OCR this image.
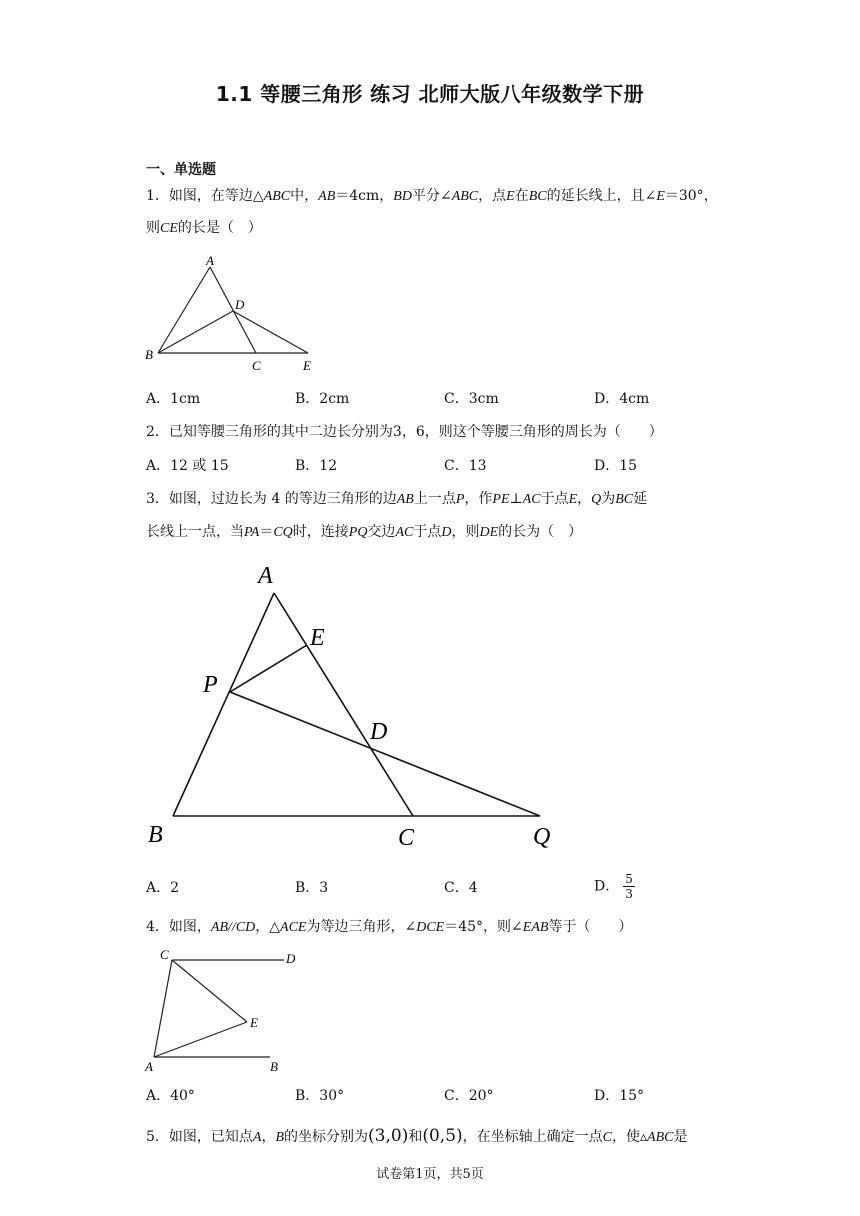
1.1 等腰三角形 练习 北师大版八年级数学下册
一、单选题
1．如图，在等边△ABC中，AB＝4cm，BD平分∠ABC，点E在BC的延长线上，且∠E＝30°，
则CE的长是（　）
A
B
C
D
E
A．1cm	B．2cm	C．3cm	D．4cm
2．已知等腰三角形的其中二边长分别为3，6，则这个等腰三角形的周长为（　　）
A．12 或 15	B．12	C．13	D．15
3．如图，过边长为 4 的等边三角形的边AB上一点P，作PE⊥AC于点E，Q为BC延
长线上一点，当PA＝CQ时，连接PQ交边AC于点D，则DE的长为（　）
A
B	C
D
E
P
Q
A．2	B．3	C．4	D． $\frac{5}{3}$
4．如图，AB//CD，△ACE为等边三角形，∠DCE＝45°，则∠EAB等于（　　）
C	D
E
A	B
A．40°	B．30°	C．20°	D．15°
5．如图，已知点A，B的坐标分别为(3,0)和(0,5)，在坐标轴上确定一点C，使▵ABC是
试卷第1页，共5页
